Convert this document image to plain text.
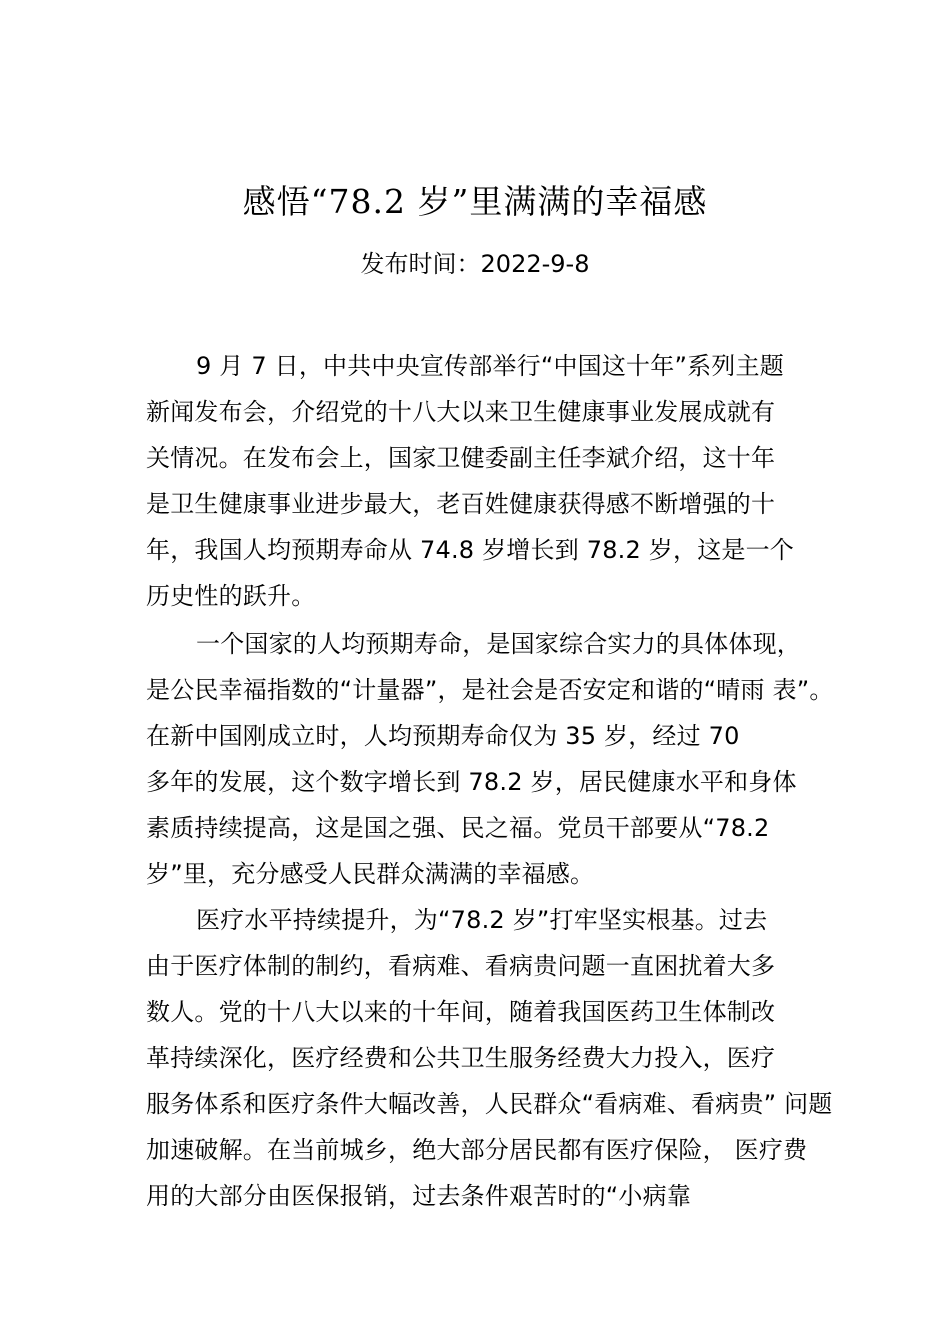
感悟“78.2 岁”里满满的幸福感
发布时间：2022-9-8
9 月 7 日，中共中央宣传部举行“中国这十年”系列主题
新闻发布会，介绍党的十八大以来卫生健康事业发展成就有
关情况。在发布会上，国家卫健委副主任李斌介绍，这十年
是卫生健康事业进步最大，老百姓健康获得感不断增强的十
年，我国人均预期寿命从 74.8 岁增长到 78.2 岁，这是一个
历史性的跃升。
一个国家的人均预期寿命，是国家综合实力的具体体现，
是公民幸福指数的“计量器”，是社会是否安定和谐的“晴雨 表”。
在新中国刚成立时，人均预期寿命仅为 35 岁，经过 70
多年的发展，这个数字增长到 78.2 岁，居民健康水平和身体
素质持续提高，这是国之强、民之福。党员干部要从“78.2
岁”里，充分感受人民群众满满的幸福感。
医疗水平持续提升，为“78.2 岁”打牢坚实根基。过去
由于医疗体制的制约，看病难、看病贵问题一直困扰着大多
数人。党的十八大以来的十年间，随着我国医药卫生体制改
革持续深化，医疗经费和公共卫生服务经费大力投入，医疗
服务体系和医疗条件大幅改善，人民群众“看病难、看病贵” 问题
加速破解。在当前城乡，绝大部分居民都有医疗保险， 医疗费
用的大部分由医保报销，过去条件艰苦时的“小病靠
